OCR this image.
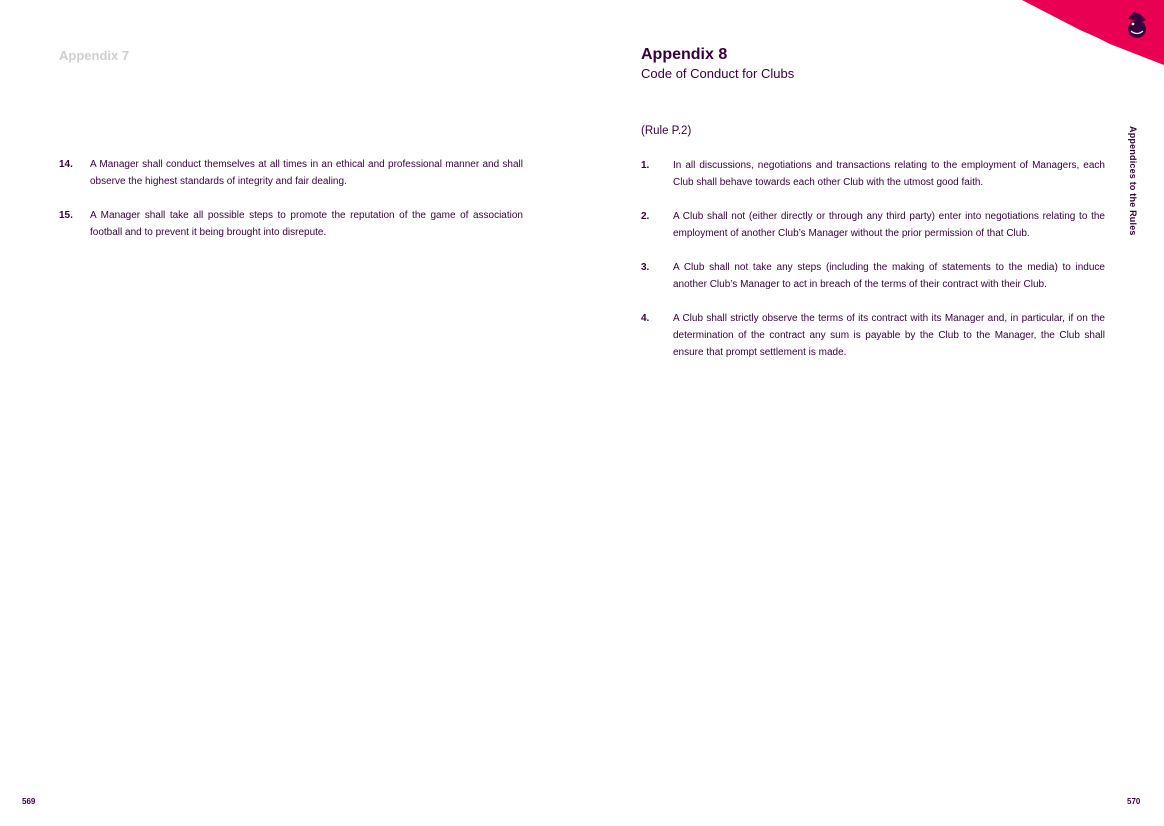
Appendix 7
14.	A Manager shall conduct themselves at all times in an ethical and professional manner and shall observe the highest standards of integrity and fair dealing.
15.	A Manager shall take all possible steps to promote the reputation of the game of association football and to prevent it being brought into disrepute.
569
Appendix 8
Code of Conduct for Clubs
(Rule P.2)
1.	In all discussions, negotiations and transactions relating to the employment of Managers, each Club shall behave towards each other Club with the utmost good faith.
2.	A Club shall not (either directly or through any third party) enter into negotiations relating to the employment of another Club’s Manager without the prior permission of that Club.
3.	A Club shall not take any steps (including the making of statements to the media) to induce another Club’s Manager to act in breach of the terms of their contract with their Club.
4.	A Club shall strictly observe the terms of its contract with its Manager and, in particular, if on the determination of the contract any sum is payable by the Club to the Manager, the Club shall ensure that prompt settlement is made.
Appendices to the Rules
570
